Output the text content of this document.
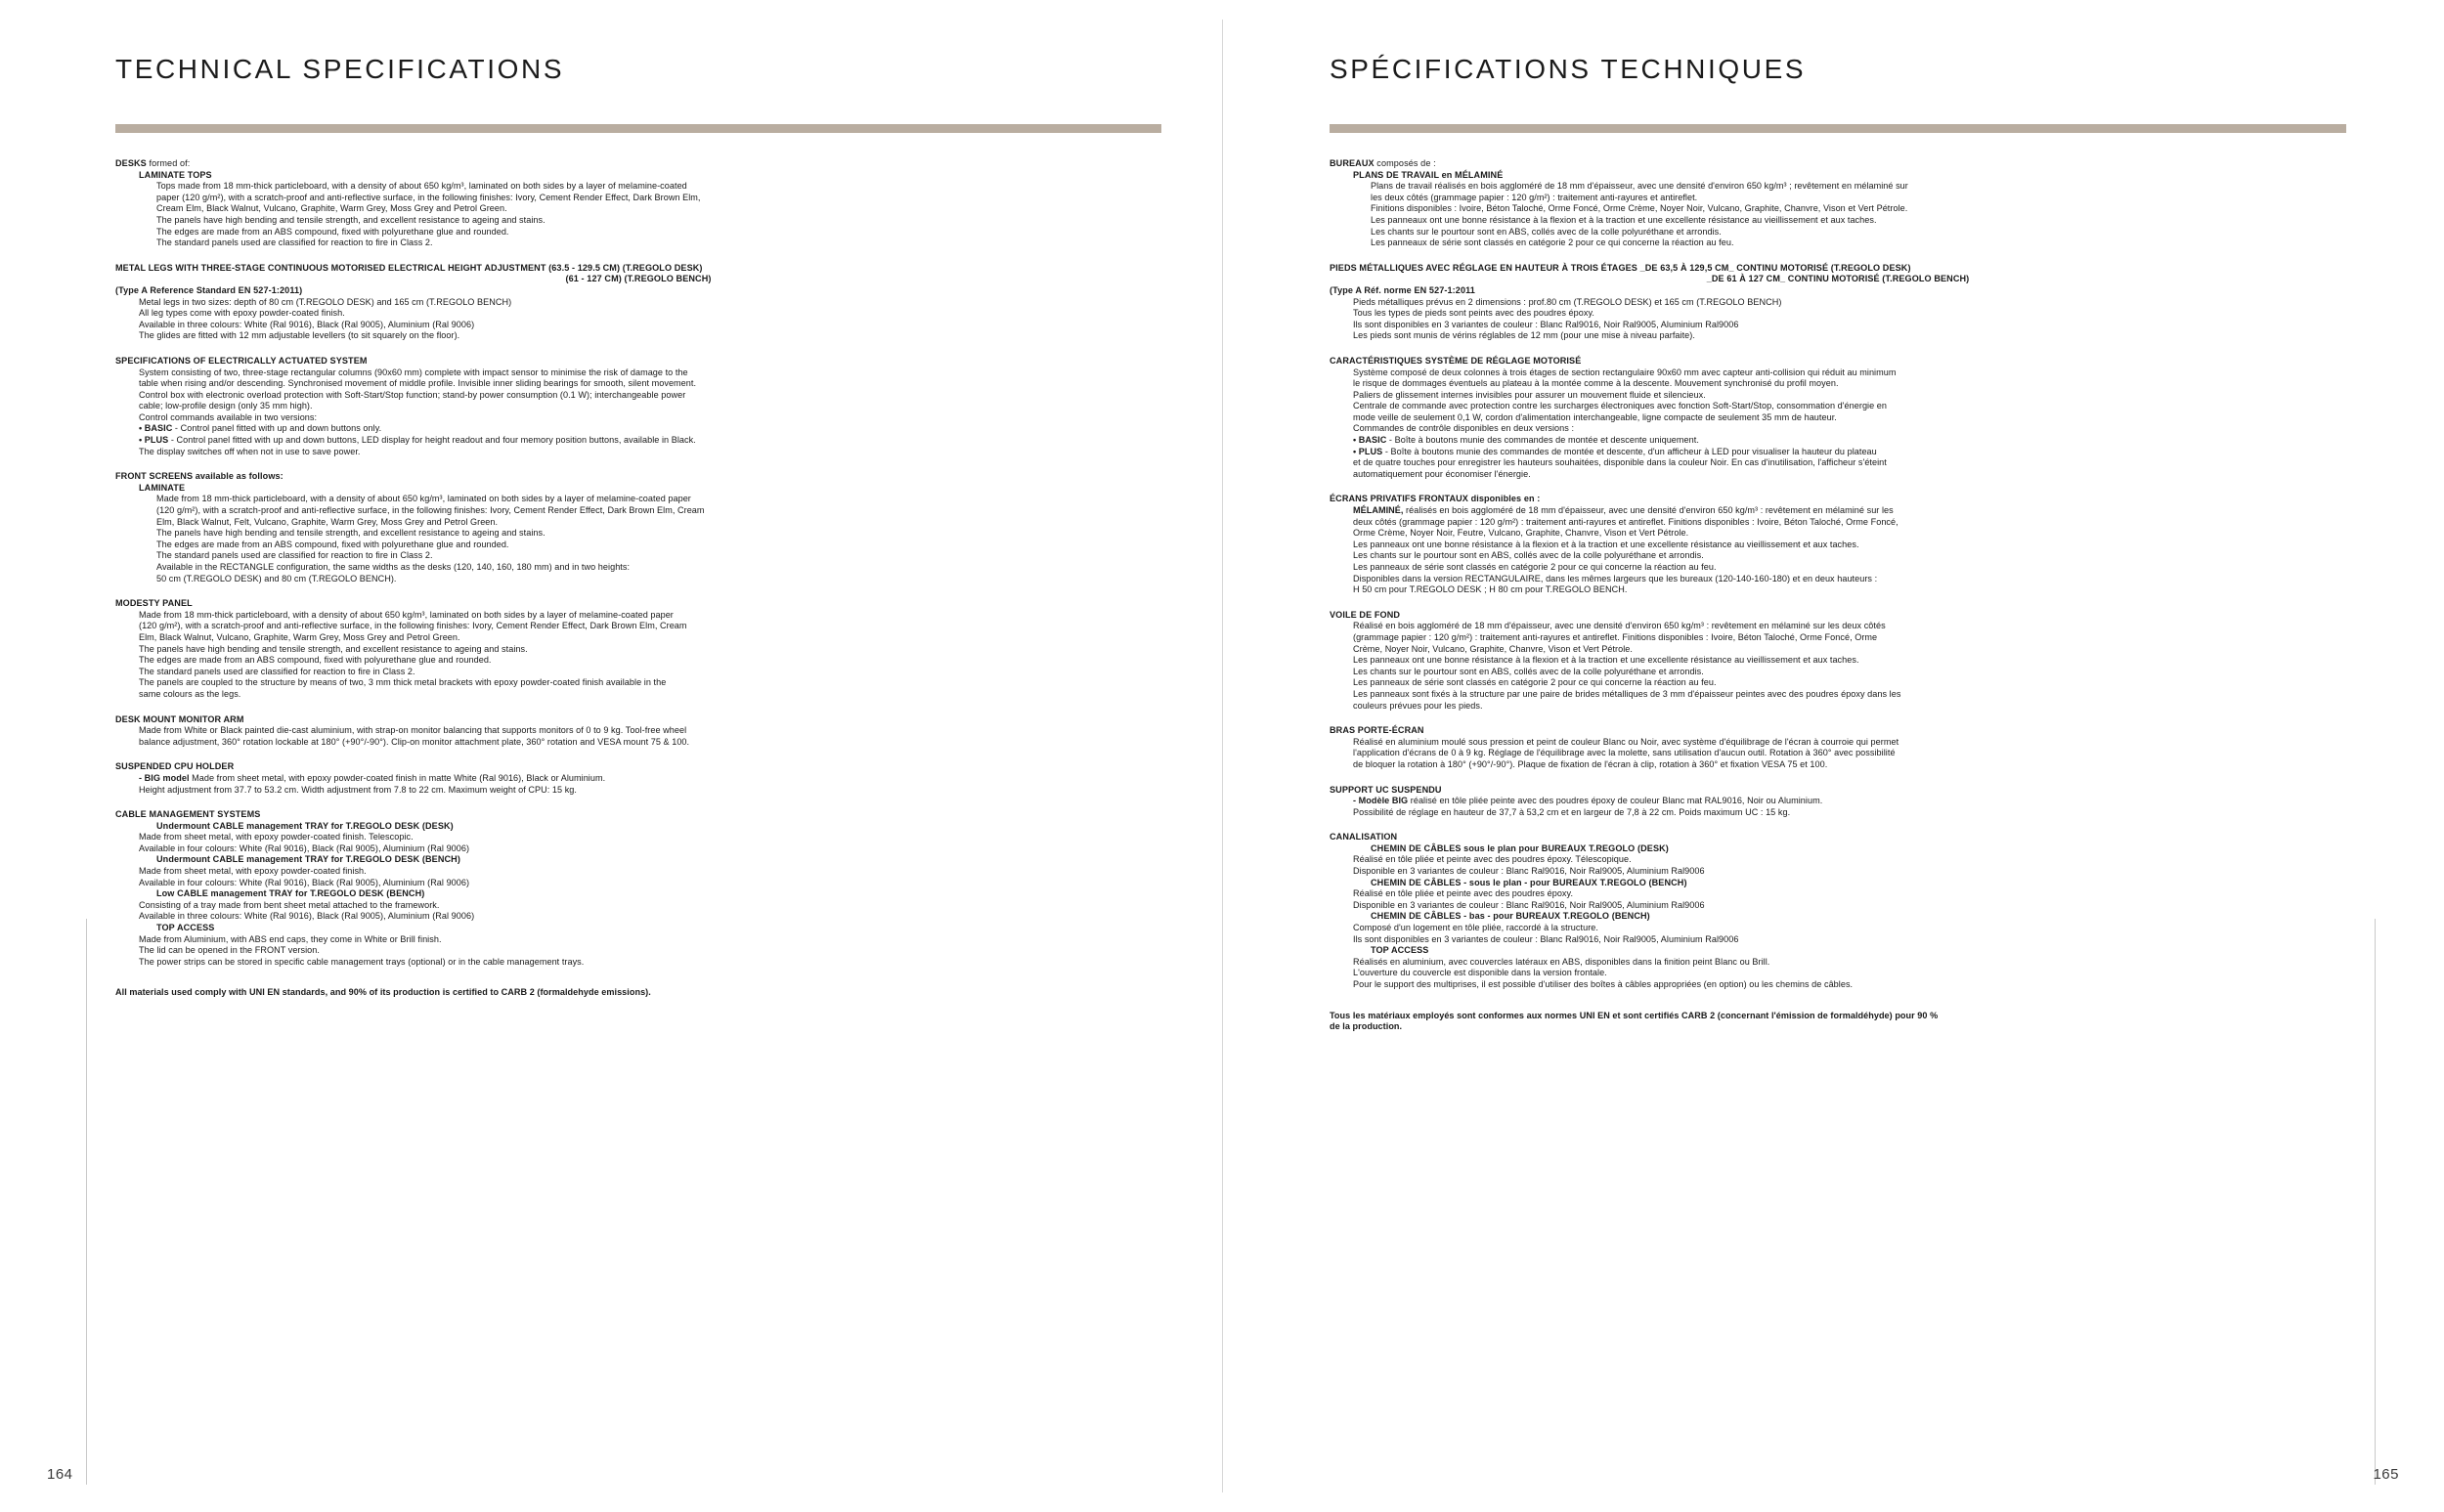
TECHNICAL SPECIFICATIONS
DESKS formed of:
LAMINATE TOPS

Tops made from 18 mm-thick particleboard, with a density of about 650 kg/m³, laminated on both sides by a layer of melamine-coated

paper (120 g/m²), with a scratch-proof and anti-reflective surface, in the following finishes: Ivory, Cement Render Effect, Dark Brown Elm,

Cream Elm, Black Walnut, Vulcano, Graphite, Warm Grey, Moss Grey and Petrol Green.

The panels have high bending and tensile strength, and excellent resistance to ageing and stains.

The edges are made from an ABS compound, fixed with polyurethane glue and rounded.

The standard panels used are classified for reaction to fire in Class 2.

METAL LEGS WITH THREE-STAGE CONTINUOUS MOTORISED ELECTRICAL HEIGHT ADJUSTMENT (63.5 - 129.5 CM) (T.REGOLO DESK)
(61 - 127 CM) (T.REGOLO BENCH)
(Type A Reference Standard EN 527-1:2011)

Metal legs in two sizes: depth of 80 cm (T.REGOLO DESK) and 165 cm (T.REGOLO BENCH)

All leg types come with epoxy powder-coated finish.

Available in three colours: White (Ral 9016), Black (Ral 9005), Aluminium (Ral 9006)

The glides are fitted with 12 mm adjustable levellers (to sit squarely on the floor).

SPECIFICATIONS OF ELECTRICALLY ACTUATED SYSTEM

System consisting of two, three-stage rectangular columns (90x60 mm) complete with impact sensor to minimise the risk of damage to the

table when rising and/or descending. Synchronised movement of middle profile. Invisible inner sliding bearings for smooth, silent movement.

Control box with electronic overload protection with Soft-Start/Stop function; stand-by power consumption (0.1 W); interchangeable power

cable; low-profile design (only 35 mm high).

Control commands available in two versions:

• BASIC - Control panel fitted with up and down buttons only.

• PLUS - Control panel fitted with up and down buttons, LED display for height readout and four memory position buttons, available in Black.

The display switches off when not in use to save power.

FRONT SCREENS available as follows:
LAMINATE

Made from 18 mm-thick particleboard, with a density of about 650 kg/m³, laminated on both sides by a layer of melamine-coated paper

(120 g/m²), with a scratch-proof and anti-reflective surface, in the following finishes: Ivory, Cement Render Effect, Dark Brown Elm, Cream

Elm, Black Walnut, Felt, Vulcano, Graphite, Warm Grey, Moss Grey and Petrol Green.

The panels have high bending and tensile strength, and excellent resistance to ageing and stains.

The edges are made from an ABS compound, fixed with polyurethane glue and rounded.

The standard panels used are classified for reaction to fire in Class 2.

Available in the RECTANGLE configuration, the same widths as the desks (120, 140, 160, 180 mm) and in two heights:

50 cm (T.REGOLO DESK) and 80 cm (T.REGOLO BENCH).

MODESTY PANEL

Made from 18 mm-thick particleboard, with a density of about 650 kg/m³, laminated on both sides by a layer of melamine-coated paper

(120 g/m²), with a scratch-proof and anti-reflective surface, in the following finishes: Ivory, Cement Render Effect, Dark Brown Elm, Cream

Elm, Black Walnut, Vulcano, Graphite, Warm Grey, Moss Grey and Petrol Green.

The panels have high bending and tensile strength, and excellent resistance to ageing and stains.

The edges are made from an ABS compound, fixed with polyurethane glue and rounded.

The standard panels used are classified for reaction to fire in Class 2.

The panels are coupled to the structure by means of two, 3 mm thick metal brackets with epoxy powder-coated finish available in the

same colours as the legs.

DESK MOUNT MONITOR ARM

Made from White or Black painted die-cast aluminium, with strap-on monitor balancing that supports monitors of 0 to 9 kg. Tool-free wheel

balance adjustment, 360° rotation lockable at 180° (+90°/-90°). Clip-on monitor attachment plate, 360° rotation and VESA mount 75 & 100.

SUSPENDED CPU HOLDER

- BIG model Made from sheet metal, with epoxy powder-coated finish in matte White (Ral 9016), Black or Aluminium.

Height adjustment from 37.7 to 53.2 cm. Width adjustment from 7.8 to 22 cm. Maximum weight of CPU: 15 kg.

CABLE MANAGEMENT SYSTEMS
Undermount CABLE management TRAY for T.REGOLO DESK (DESK)

Made from sheet metal, with epoxy powder-coated finish. Telescopic.

Available in four colours: White (Ral 9016), Black (Ral 9005), Aluminium (Ral 9006)

Undermount CABLE management TRAY for T.REGOLO DESK (BENCH)

Made from sheet metal, with epoxy powder-coated finish.

Available in four colours: White (Ral 9016), Black (Ral 9005), Aluminium (Ral 9006)

Low CABLE management TRAY for T.REGOLO DESK (BENCH)

Consisting of a tray made from bent sheet metal attached to the framework.

Available in three colours: White (Ral 9016), Black (Ral 9005), Aluminium (Ral 9006)

TOP ACCESS

Made from Aluminium, with ABS end caps, they come in White or Brill finish.

The lid can be opened in the FRONT version.

The power strips can be stored in specific cable management trays (optional) or in the cable management trays.

All materials used comply with UNI EN standards, and 90% of its production is certified to CARB 2 (formaldehyde emissions).
164
SPÉCIFICATIONS TECHNIQUES
BUREAUX composés de :
PLANS DE TRAVAIL en MÉLAMINÉ

Plans de travail réalisés en bois aggloméré de 18 mm d'épaisseur, avec une densité d'environ 650 kg/m³ ; revêtement en mélaminé sur

les deux côtés (grammage papier : 120 g/m²) : traitement anti-rayures et antireflet.

Finitions disponibles : Ivoire, Béton Taloché, Orme Foncé, Orme Crème, Noyer Noir, Vulcano, Graphite, Chanvre, Vison et Vert Pétrole.

Les panneaux ont une bonne résistance à la flexion et à la traction et une excellente résistance au vieillissement et aux taches.

Les chants sur le pourtour sont en ABS, collés avec de la colle polyuréthane et arrondis.

Les panneaux de série sont classés en catégorie 2 pour ce qui concerne la réaction au feu.

PIEDS MÉTALLIQUES AVEC RÉGLAGE EN HAUTEUR À TROIS ÉTAGES _DE 63,5 À 129,5 CM_ CONTINU MOTORISÉ (T.REGOLO DESK)
_DE 61 À 127 CM_ CONTINU MOTORISÉ (T.REGOLO BENCH)
(Type A Réf. norme EN 527-1:2011

Pieds métalliques prévus en 2 dimensions : prof.80 cm (T.REGOLO DESK) et 165 cm (T.REGOLO BENCH)

Tous les types de pieds sont peints avec des poudres époxy.

Ils sont disponibles en 3 variantes de couleur : Blanc Ral9016, Noir Ral9005, Aluminium Ral9006

Les pieds sont munis de vérins réglables de 12 mm (pour une mise à niveau parfaite).

CARACTÉRISTIQUES SYSTÈME DE RÉGLAGE MOTORISÉ

Système composé de deux colonnes à trois étages de section rectangulaire 90x60 mm avec capteur anti-collision qui réduit au minimum

le risque de dommages éventuels au plateau à la montée comme à la descente. Mouvement synchronisé du profil moyen.

Paliers de glissement internes invisibles pour assurer un mouvement fluide et silencieux.

Centrale de commande avec protection contre les surcharges électroniques avec fonction Soft-Start/Stop, consommation d'énergie en

mode veille de seulement 0,1 W, cordon d'alimentation interchangeable, ligne compacte de seulement 35 mm de hauteur.

Commandes de contrôle disponibles en deux versions :

• BASIC - Boîte à boutons munie des commandes de montée et descente uniquement.

• PLUS - Boîte à boutons munie des commandes de montée et descente, d'un afficheur à LED pour visualiser la hauteur du plateau

et de quatre touches pour enregistrer les hauteurs souhaitées, disponible dans la couleur Noir. En cas d'inutilisation, l'afficheur s'éteint

automatiquement pour économiser l'énergie.

ÉCRANS PRIVATIFS FRONTAUX disponibles en :

MÉLAMINÉ, réalisés en bois aggloméré de 18 mm d'épaisseur, avec une densité d'environ 650 kg/m³ : revêtement en mélaminé sur les

deux côtés (grammage papier : 120 g/m²) : traitement anti-rayures et antireflet. Finitions disponibles : Ivoire, Béton Taloché, Orme Foncé,

Orme Crème, Noyer Noir, Feutre, Vulcano, Graphite, Chanvre, Vison et Vert Pétrole.

Les panneaux ont une bonne résistance à la flexion et à la traction et une excellente résistance au vieillissement et aux taches.

Les chants sur le pourtour sont en ABS, collés avec de la colle polyuréthane et arrondis.

Les panneaux de série sont classés en catégorie 2 pour ce qui concerne la réaction au feu.

Disponibles dans la version RECTANGULAIRE, dans les mêmes largeurs que les bureaux (120-140-160-180) et en deux hauteurs :

H 50 cm pour T.REGOLO DESK ; H 80 cm pour T.REGOLO BENCH.

VOILE DE FOND

Réalisé en bois aggloméré de 18 mm d'épaisseur, avec une densité d'environ 650 kg/m³ : revêtement en mélaminé sur les deux côtés

(grammage papier : 120 g/m²) : traitement anti-rayures et antireflet. Finitions disponibles : Ivoire, Béton Taloché, Orme Foncé, Orme

Crème, Noyer Noir, Vulcano, Graphite, Chanvre, Vison et Vert Pétrole.

Les panneaux ont une bonne résistance à la flexion et à la traction et une excellente résistance au vieillissement et aux taches.

Les chants sur le pourtour sont en ABS, collés avec de la colle polyuréthane et arrondis.

Les panneaux de série sont classés en catégorie 2 pour ce qui concerne la réaction au feu.

Les panneaux sont fixés à la structure par une paire de brides métalliques de 3 mm d'épaisseur peintes avec des poudres époxy dans les

couleurs prévues pour les pieds.

BRAS PORTE-ÉCRAN

Réalisé en aluminium moulé sous pression et peint de couleur Blanc ou Noir, avec système d'équilibrage de l'écran à courroie qui permet

l'application d'écrans de 0 à 9 kg. Réglage de l'équilibrage avec la molette, sans utilisation d'aucun outil. Rotation à 360° avec possibilité

de bloquer la rotation à 180° (+90°/-90°). Plaque de fixation de l'écran à clip, rotation à 360° et fixation VESA 75 et 100.

SUPPORT UC SUSPENDU

- Modèle BIG réalisé en tôle pliée peinte avec des poudres époxy de couleur Blanc mat RAL9016, Noir ou Aluminium.

Possibilité de réglage en hauteur de 37,7 à 53,2 cm et en largeur de 7,8 à 22 cm. Poids maximum UC : 15 kg.

CANALISATION
CHEMIN DE CÂBLES sous le plan pour BUREAUX T.REGOLO (DESK)

Réalisé en tôle pliée et peinte avec des poudres époxy. Télescopique.

Disponible en 3 variantes de couleur : Blanc Ral9016, Noir Ral9005, Aluminium Ral9006

CHEMIN DE CÂBLES - sous le plan - pour BUREAUX T.REGOLO (BENCH)

Réalisé en tôle pliée et peinte avec des poudres époxy.

Disponible en 3 variantes de couleur : Blanc Ral9016, Noir Ral9005, Aluminium Ral9006

CHEMIN DE CÂBLES - bas - pour BUREAUX T.REGOLO (BENCH)

Composé d'un logement en tôle pliée, raccordé à la structure.

Ils sont disponibles en 3 variantes de couleur : Blanc Ral9016, Noir Ral9005, Aluminium Ral9006

TOP ACCESS

Réalisés en aluminium, avec couvercles latéraux en ABS, disponibles dans la finition peint Blanc ou Brill.

L'ouverture du couvercle est disponible dans la version frontale.

Pour le support des multiprises, il est possible d'utiliser des boîtes à câbles appropriées (en option) ou les chemins de câbles.

Tous les matériaux employés sont conformes aux normes UNI EN et sont certifiés CARB 2 (concernant l'émission de formaldéhyde) pour 90 %
de la production.
165
